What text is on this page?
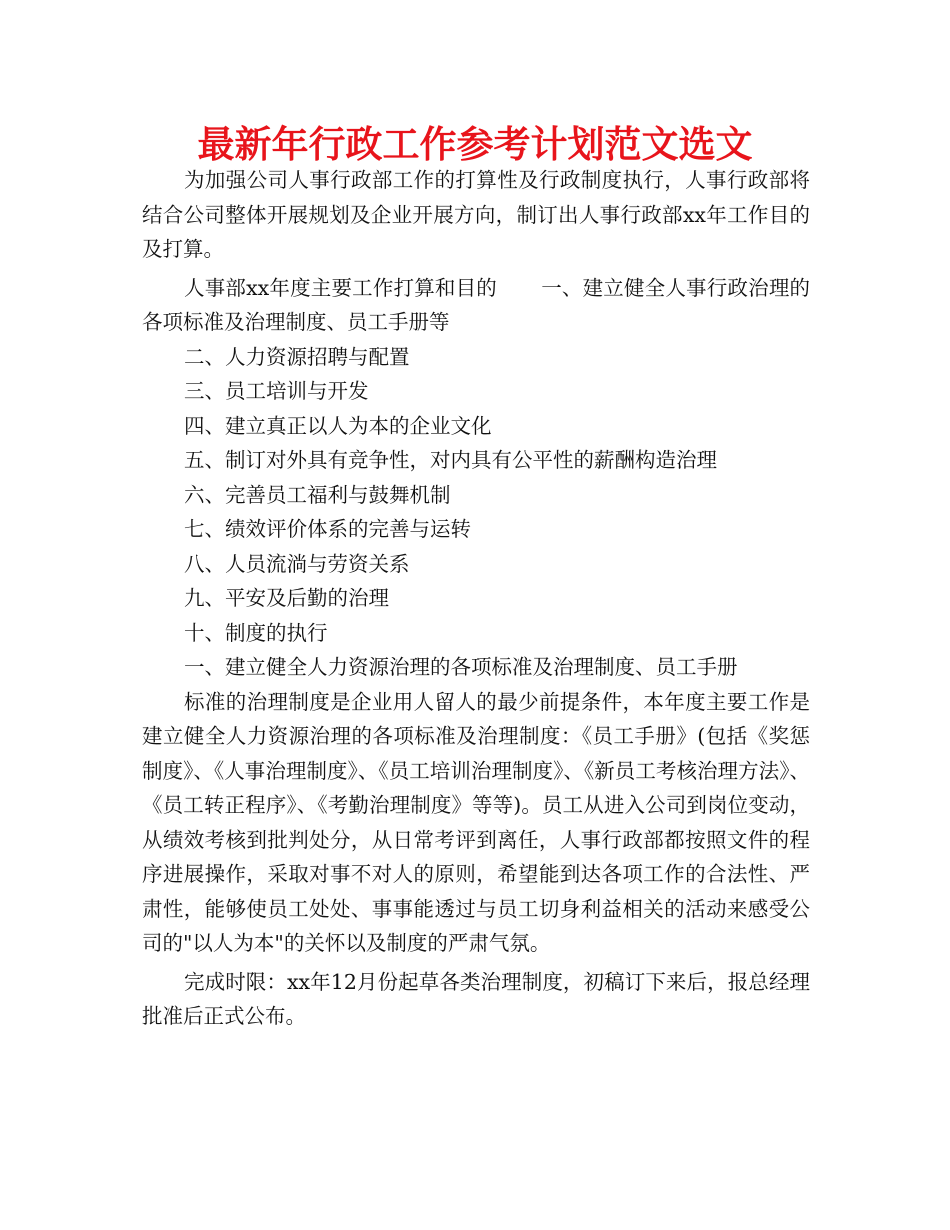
最新年行政工作参考计划范文选文

为加强公司人事行政部工作的打算性及行政制度执行，人事行政部将结合公司整体开展规划及企业开展方向，制订出人事行政部xx年工作目的及打算。

人事部xx年度主要工作打算和目的 一、建立健全人事行政治理的各项标准及治理制度、员工手册等

二、人力资源招聘与配置

三、员工培训与开发

四、建立真正以人为本的企业文化

五、制订对外具有竞争性，对内具有公平性的薪酬构造治理

六、完善员工福利与鼓舞机制

七、绩效评价体系的完善与运转

八、人员流淌与劳资关系

九、平安及后勤的治理

十、制度的执行

一、建立健全人力资源治理的各项标准及治理制度、员工手册

标准的治理制度是企业用人留人的最少前提条件，本年度主要工作是建立健全人力资源治理的各项标准及治理制度：《员工手册》(包括《奖惩制度》、《人事治理制度》、《员工培训治理制度》、《新员工考核治理方法》、《员工转正程序》、《考勤治理制度》等等)。员工从进入公司到岗位变动，从绩效考核到批判处分，从日常考评到离任，人事行政部都按照文件的程序进展操作，采取对事不对人的原则，希望能到达各项工作的合法性、严肃性，能够使员工处处、事事能透过与员工切身利益相关的活动来感受公司的"以人为本"的关怀以及制度的严肃气氛。

完成时限：xx年12月份起草各类治理制度，初稿订下来后，报总经理批准后正式公布。
